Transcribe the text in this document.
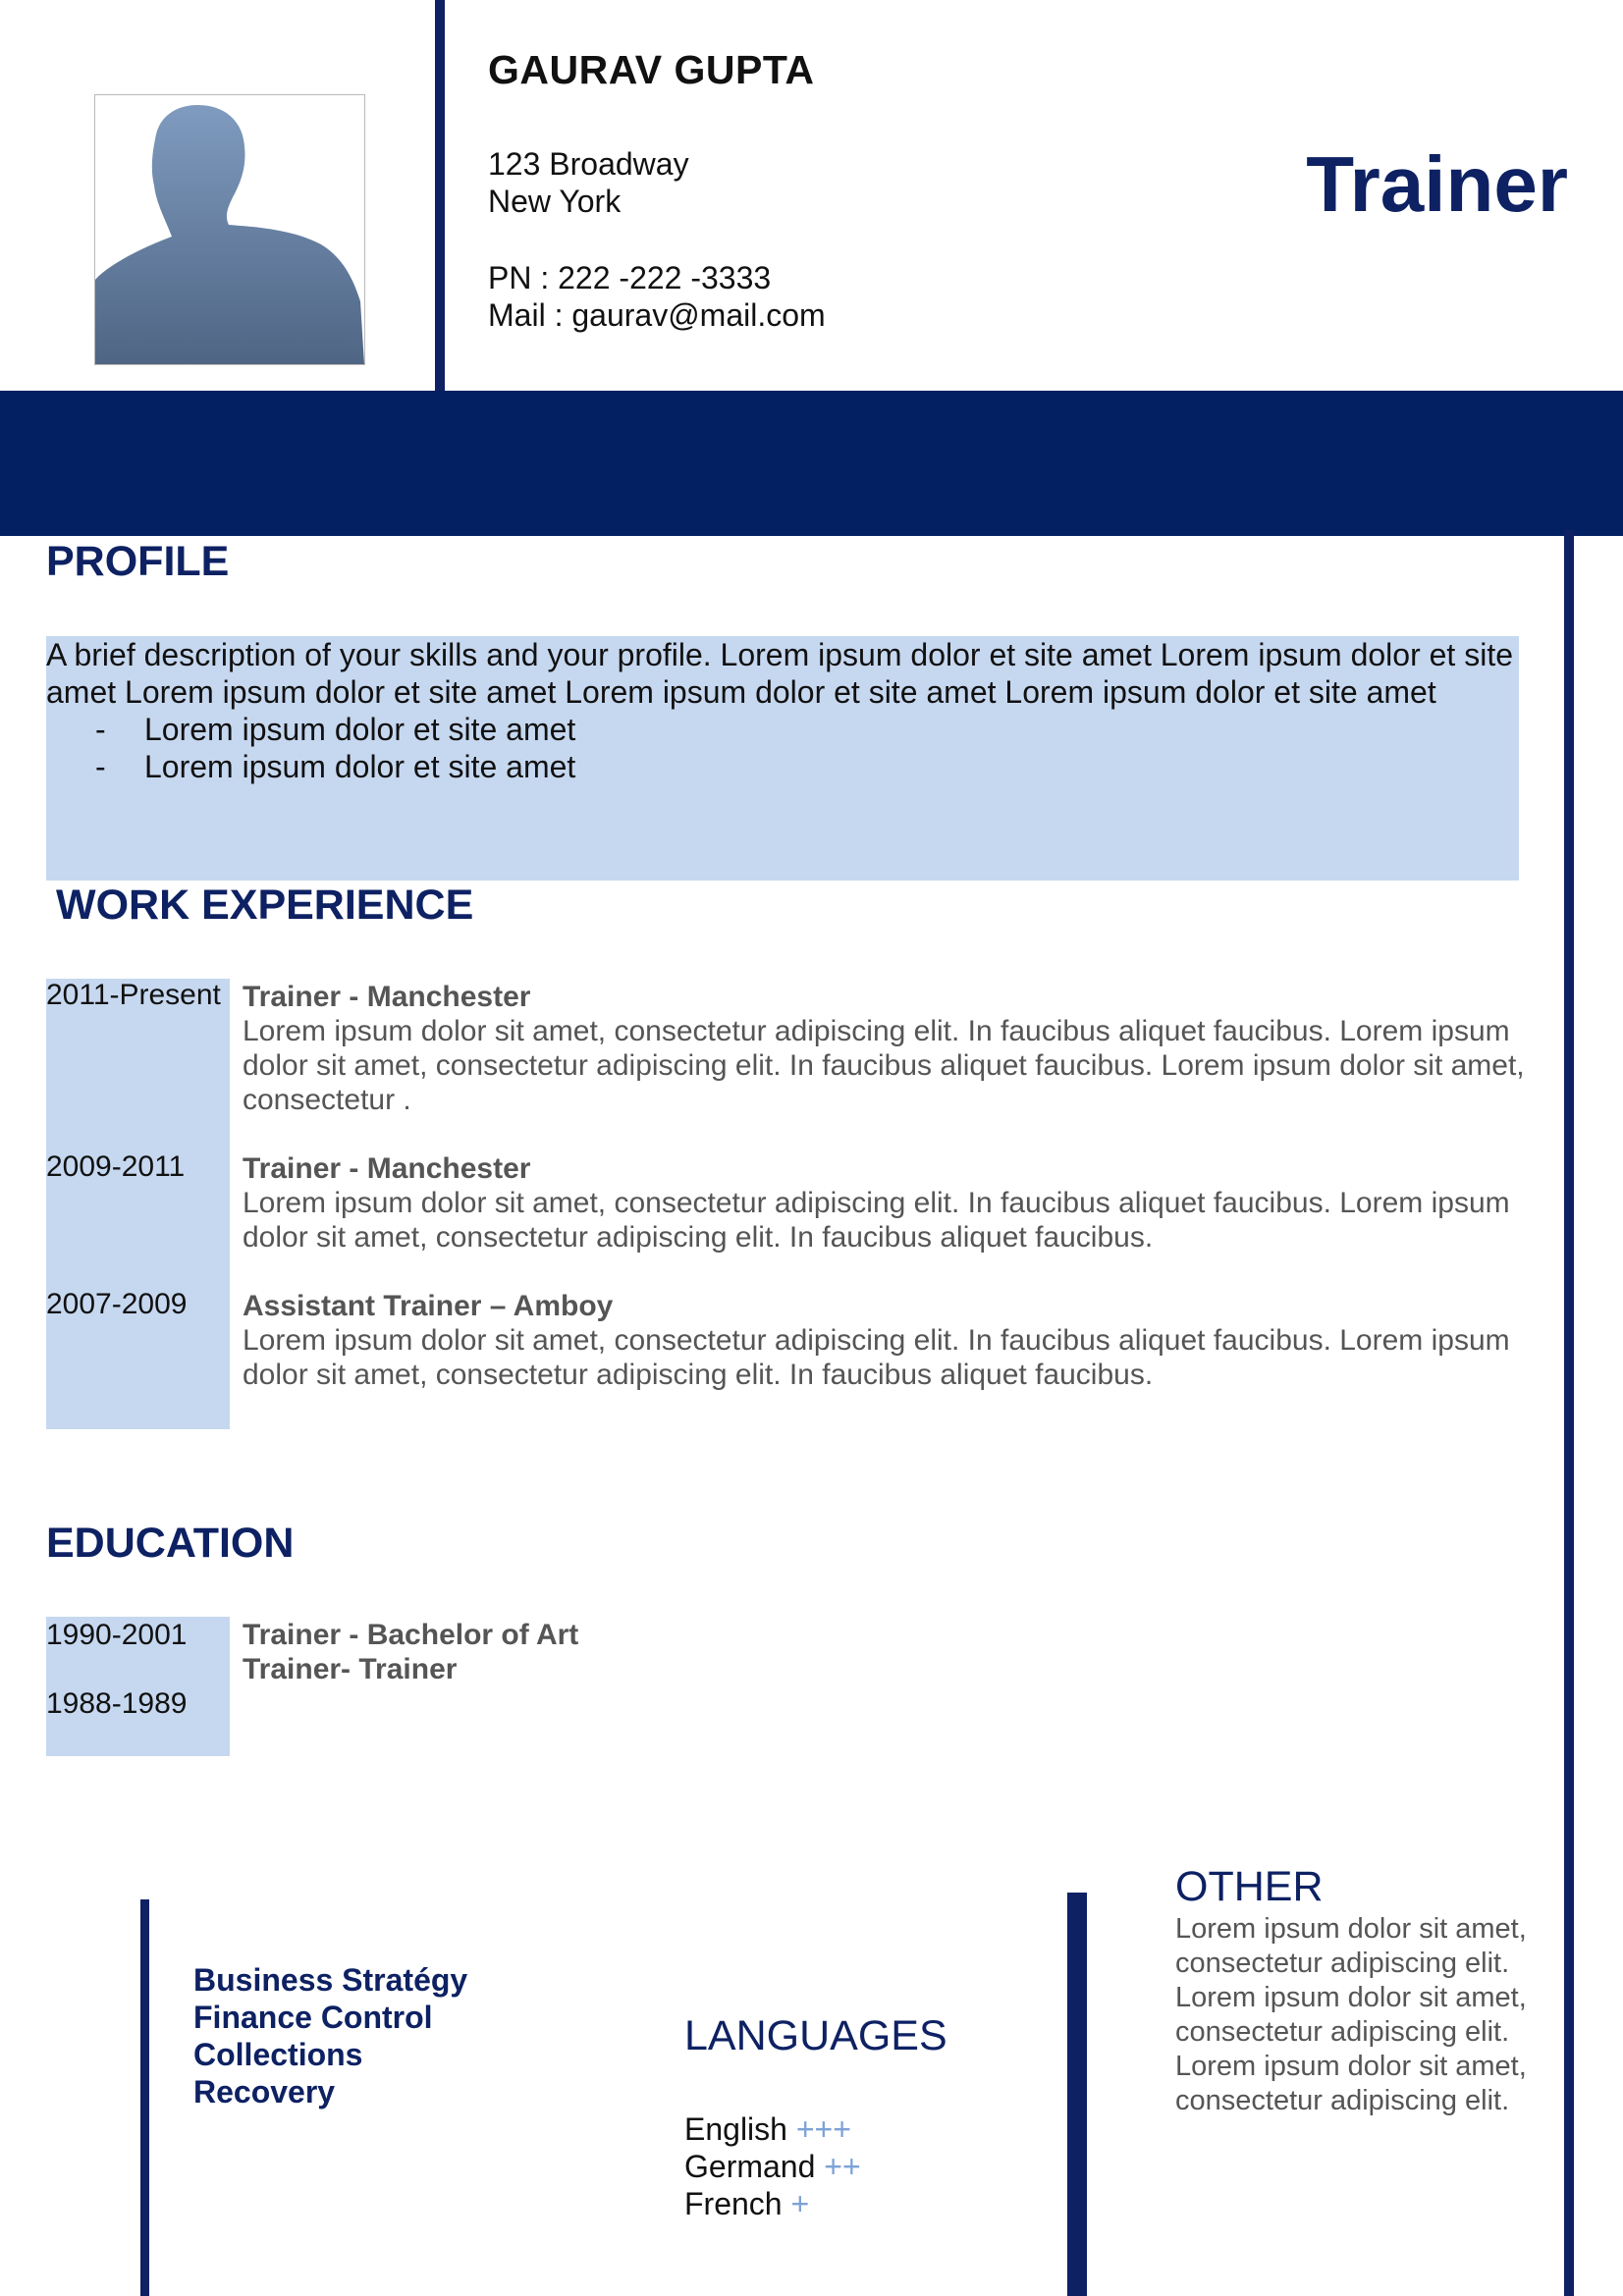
GAURAV GUPTA
123 Broadway
New York
PN : 222 -222 -3333
Mail : gaurav@mail.com
Trainer
PROFILE
A brief description of your skills and your profile. Lorem ipsum dolor et site amet Lorem ipsum dolor et site amet Lorem ipsum dolor et site amet Lorem ipsum dolor et site amet Lorem ipsum dolor et site amet
- Lorem ipsum dolor et site amet
- Lorem ipsum dolor et site amet
WORK EXPERIENCE
2011-Present
2009-2011
2007-2009
Trainer - Manchester
Lorem ipsum dolor sit amet, consectetur adipiscing elit. In faucibus aliquet faucibus. Lorem ipsum dolor sit amet, consectetur adipiscing elit. In faucibus aliquet faucibus. Lorem ipsum dolor sit amet, consectetur .
Trainer - Manchester
Lorem ipsum dolor sit amet, consectetur adipiscing elit. In faucibus aliquet faucibus. Lorem ipsum dolor sit amet, consectetur adipiscing elit. In faucibus aliquet faucibus.
Assistant Trainer – Amboy
Lorem ipsum dolor sit amet, consectetur adipiscing elit. In faucibus aliquet faucibus. Lorem ipsum dolor sit amet, consectetur adipiscing elit. In faucibus aliquet faucibus.
EDUCATION
1990-2001
1988-1989
Trainer - Bachelor of Art
Trainer- Trainer
Business Stratégy
Finance Control
Collections
Recovery
LANGUAGES
English +++
Germand ++
French +
OTHER
Lorem ipsum dolor sit amet,
consectetur adipiscing elit.
Lorem ipsum dolor sit amet,
consectetur adipiscing elit.
Lorem ipsum dolor sit amet,
consectetur adipiscing elit.
